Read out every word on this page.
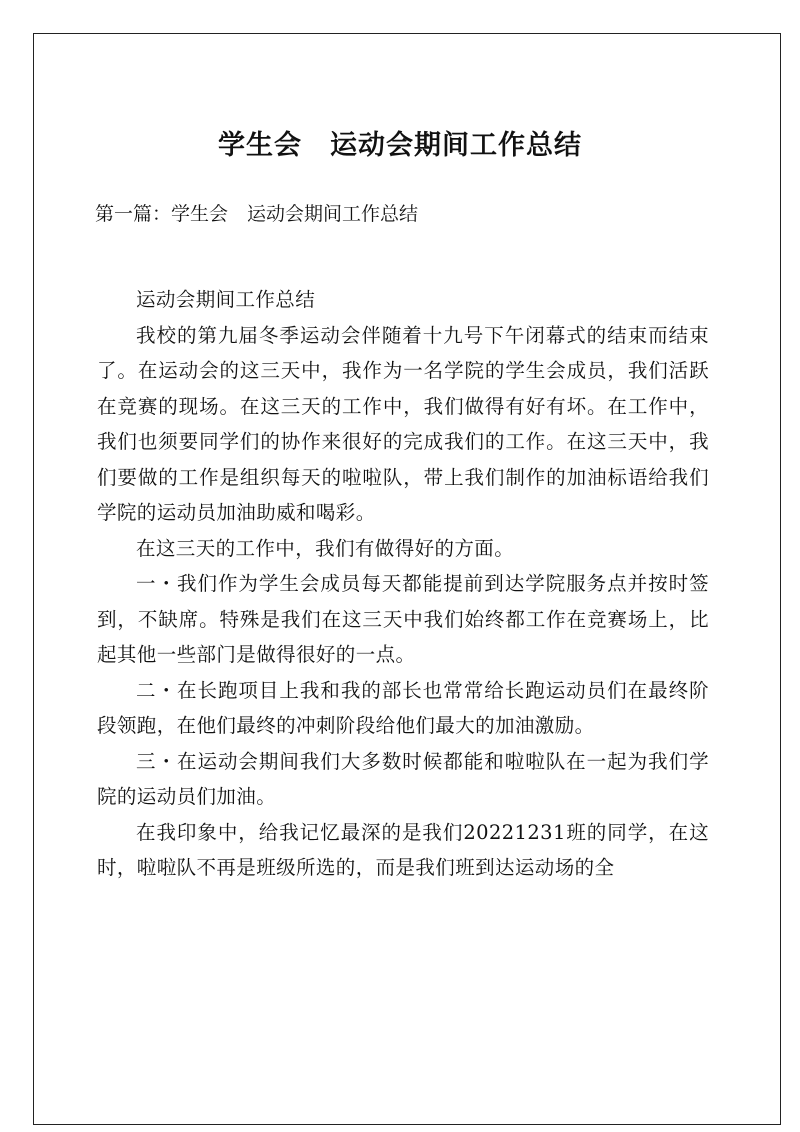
学生会　运动会期间工作总结

第一篇：学生会　运动会期间工作总结

运动会期间工作总结

我校的第九届冬季运动会伴随着十九号下午闭幕式的结束而结束了。在运动会的这三天中，我作为一名学院的学生会成员，我们活跃在竞赛的现场。在这三天的工作中，我们做得有好有坏。在工作中，我们也须要同学们的协作来很好的完成我们的工作。在这三天中，我们要做的工作是组织每天的啦啦队，带上我们制作的加油标语给我们学院的运动员加油助威和喝彩。

在这三天的工作中，我们有做得好的方面。

一・我们作为学生会成员每天都能提前到达学院服务点并按时签到，不缺席。特殊是我们在这三天中我们始终都工作在竞赛场上，比起其他一些部门是做得很好的一点。

二・在长跑项目上我和我的部长也常常给长跑运动员们在最终阶段领跑，在他们最终的冲刺阶段给他们最大的加油激励。

三・在运动会期间我们大多数时候都能和啦啦队在一起为我们学院的运动员们加油。

在我印象中，给我记忆最深的是我们20221231班的同学，在这时，啦啦队不再是班级所选的，而是我们班到达运动场的全
